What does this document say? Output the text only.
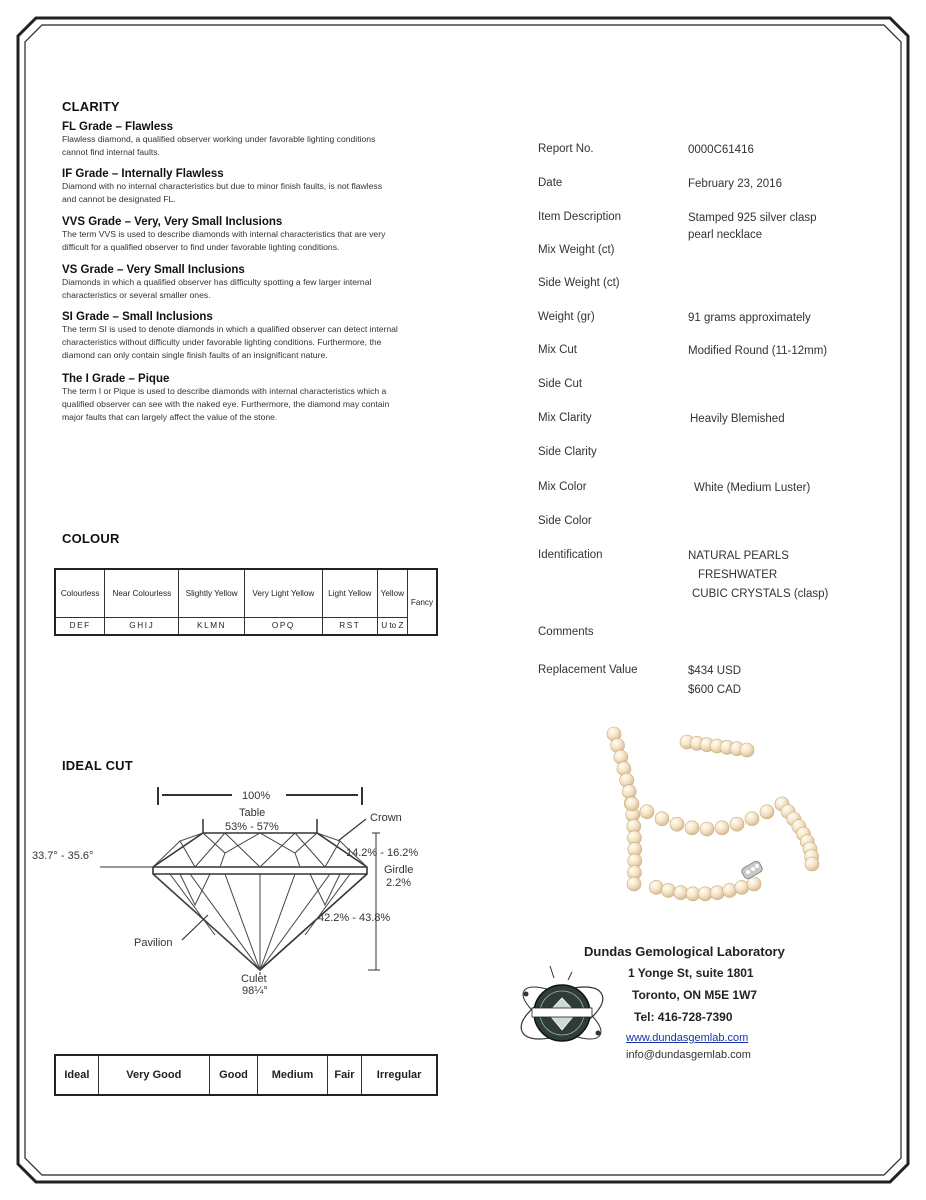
CLARITY
FL Grade – Flawless
Flawless diamond, a qualified observer working under favorable lighting conditions
cannot find internal faults.
IF Grade – Internally Flawless
Diamond with no internal characteristics but due to minor finish faults, is not flawless
and cannot be designated FL.
VVS Grade – Very, Very Small Inclusions
The term VVS is used to describe diamonds with internal characteristics that are very
difficult for a qualified observer to find under favorable lighting conditions.
VS Grade – Very Small Inclusions
Diamonds in which a qualified observer has difficulty spotting a few larger internal
characteristics or several smaller ones.
SI Grade – Small Inclusions
The term SI is used to denote diamonds in which a qualified observer can detect internal
characteristics without difficulty under favorable lighting conditions. Furthermore, the
diamond can only contain single finish faults of an insignificant nature.
The I Grade – Pique
The term I or Pique is used to describe diamonds with internal characteristics which a
qualified observer can see with the naked eye. Furthermore, the diamond may contain
major faults that can largely affect the value of the stone.
COLOUR
Colourless	Near Colourless	Slightly Yellow	Very Light Yellow	Light Yellow	Yellow	Fancy
DEF	GHIJ	KLMN	OPQ	RST	U to Z	
IDEAL CUT
100%
Table
53% - 57%
33.7° - 35.6°
Crown
14.2% - 16.2%
Girdle
2.2%
42.2% - 43.8%
Pavilion
Culet
98¼°
Ideal	Very Good	Good	Medium	Fair	Irregular
Report No.	0000C61416
Date	February 23, 2016
Item Description	Stamped 925 silver clasp
pearl necklace
Mix Weight (ct)
Side Weight (ct)
Weight (gr)	91 grams approximately
Mix Cut	Modified Round (11-12mm)
Side Cut
Mix Clarity	Heavily Blemished
Side Clarity
Mix Color	White (Medium Luster)
Side Color
Identification	NATURAL PEARLS
FRESHWATER
CUBIC CRYSTALS (clasp)
Comments
Replacement Value	$434 USD
$600 CAD
Dundas Gemological Laboratory
1 Yonge St, suite 1801
Toronto, ON M5E 1W7
Tel: 416-728-7390
www.dundasgemlab.com
info@dundasgemlab.com
